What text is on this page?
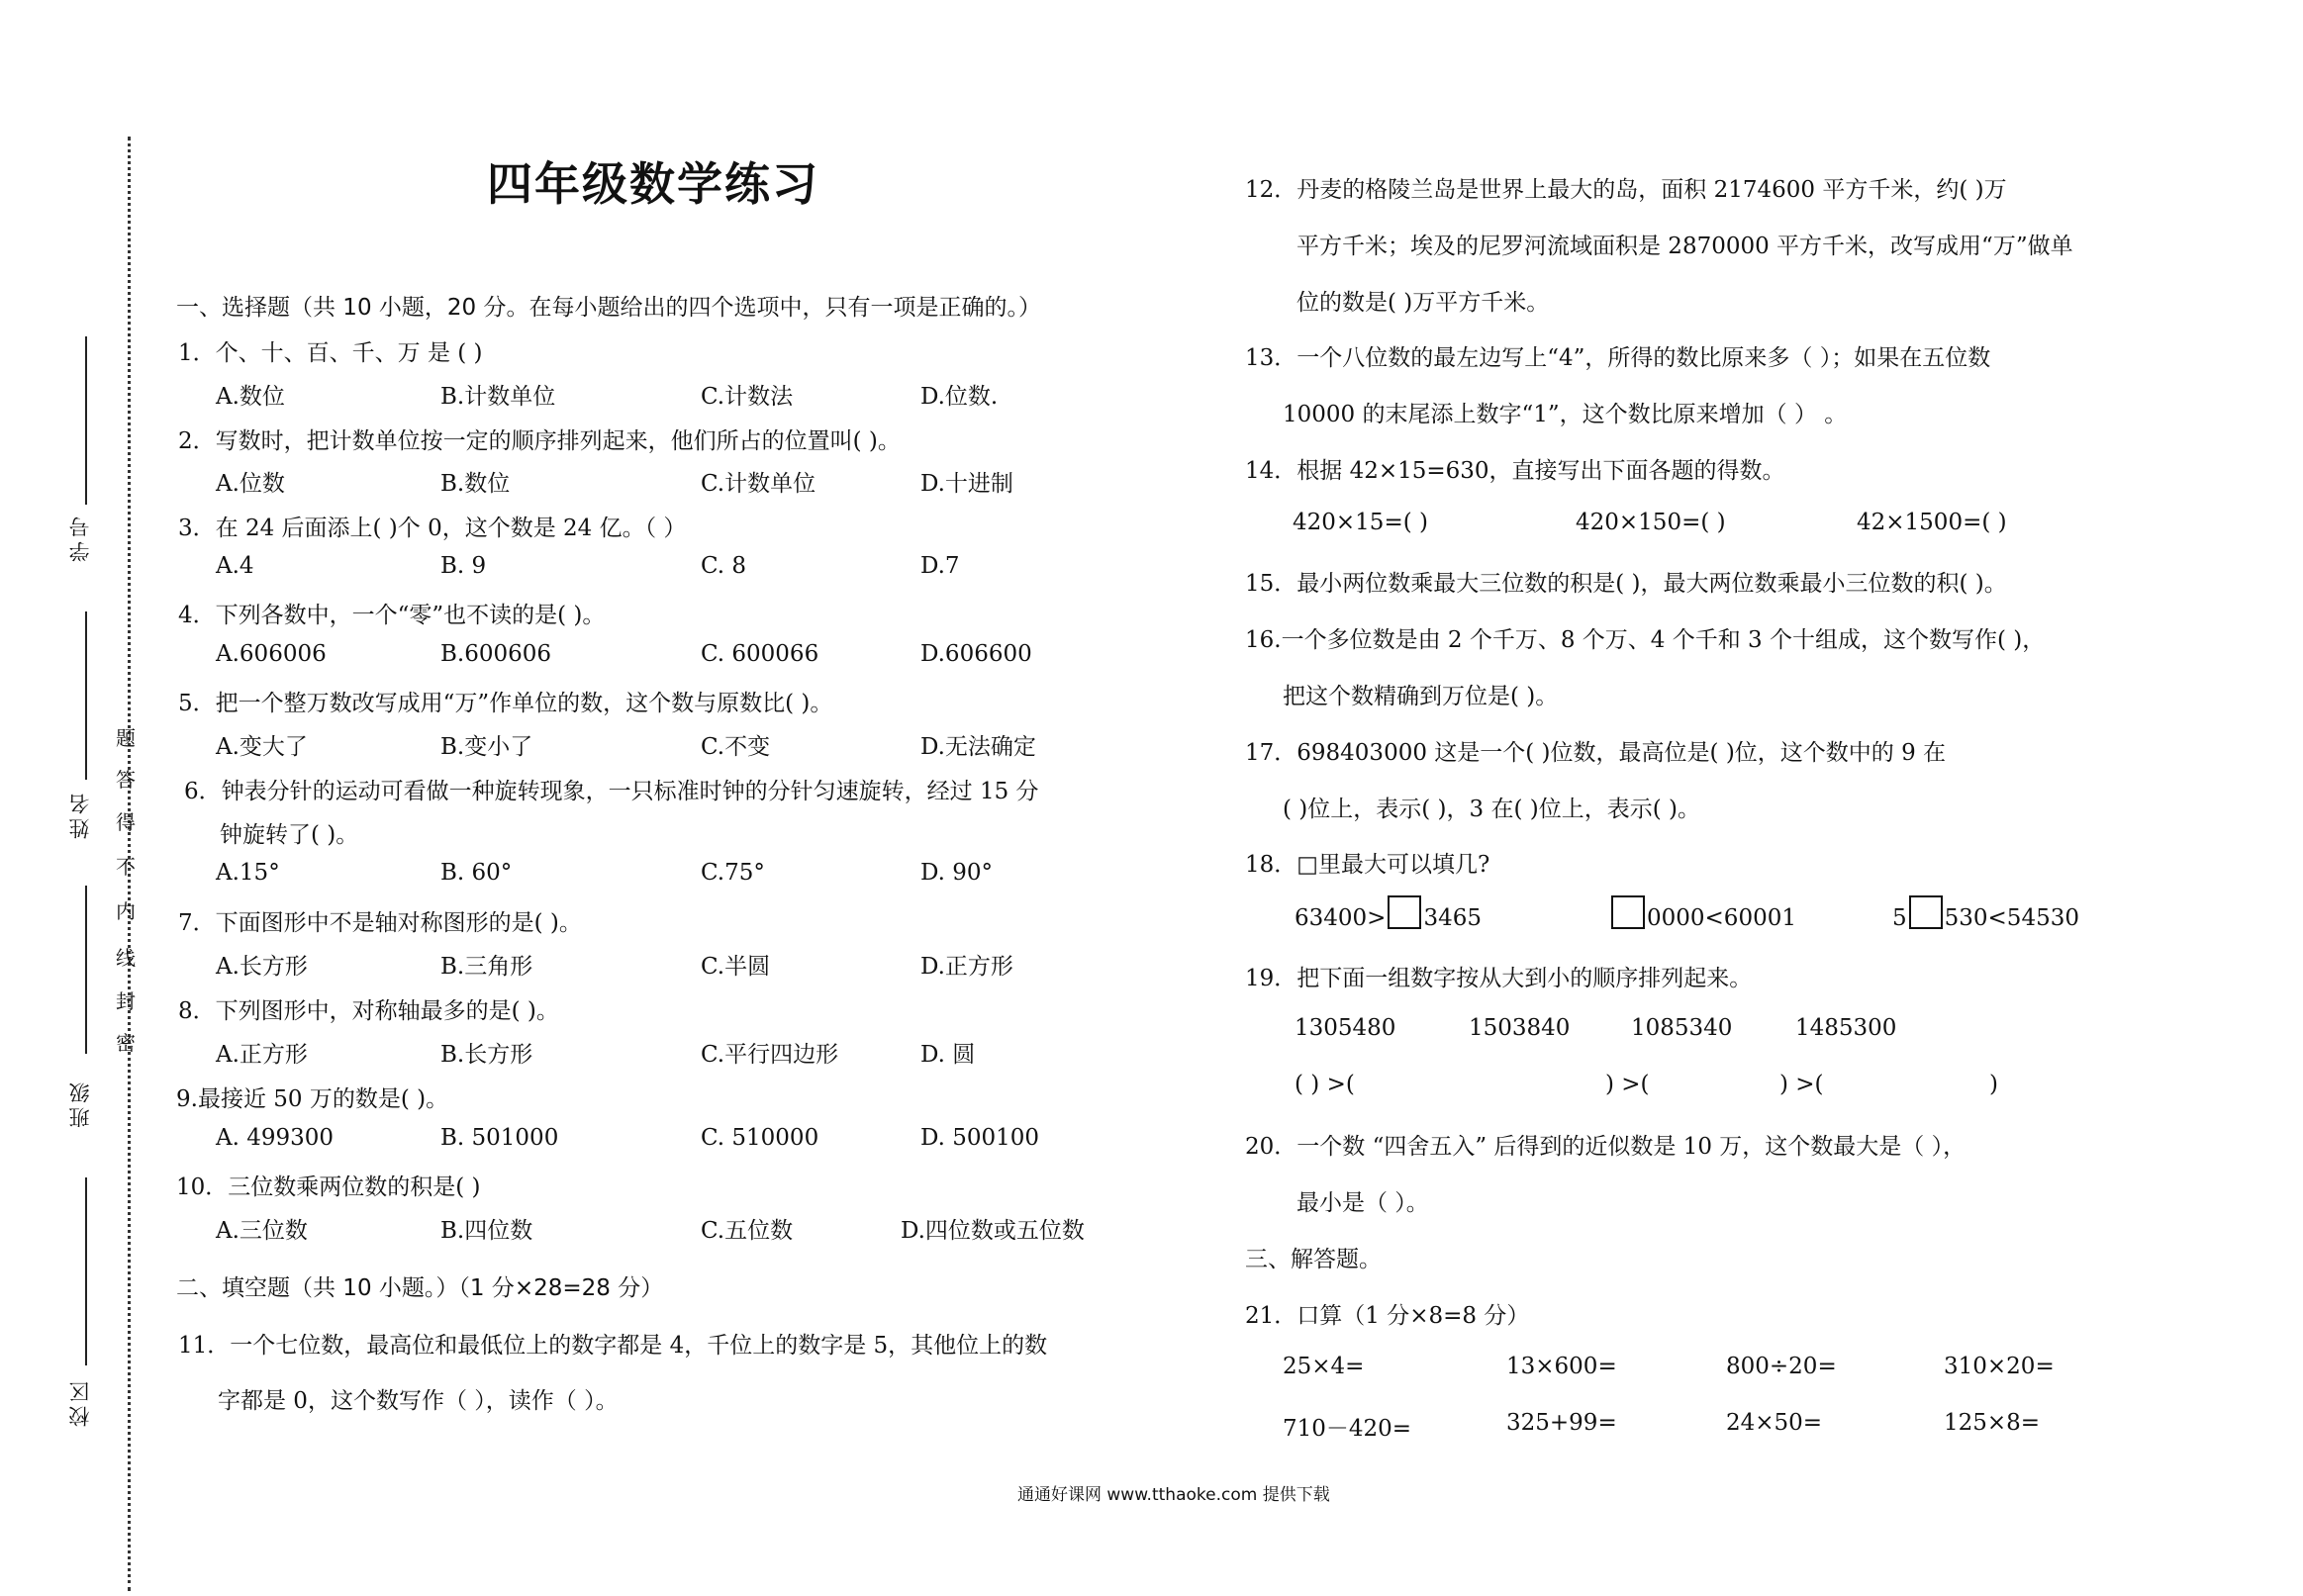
学号
姓名
班级
校区
题
答
得
不
内
线
封
密
四年级数学练习
一、选择题（共 10 小题，20 分。在每小题给出的四个选项中，只有一项是正确的。）
1．个、十、百、千、万 是 ( )
A.数位	B.计数单位	C.计数法	D.位数.
2．写数时，把计数单位按一定的顺序排列起来，他们所占的位置叫( )。
A.位数	B.数位	C.计数单位	D.十进制
3．在 24 后面添上( )个 0，这个数是 24 亿。（ ）
A.4	B. 9	C. 8	D.7
4．下列各数中，一个“零”也不读的是( )。
A.606006	B.600606	C. 600066	D.606600
5．把一个整万数改写成用“万”作单位的数，这个数与原数比( )。
A.变大了	B.变小了	C.不变	D.无法确定
6．钟表分针的运动可看做一种旋转现象，一只标准时钟的分针匀速旋转，经过 15 分
钟旋转了( )。
A.15°	B. 60°	C.75°	D. 90°
7．下面图形中不是轴对称图形的是( )。
A.长方形	B.三角形	C.半圆	D.正方形
8．下列图形中，对称轴最多的是( )。
A.正方形	B.长方形	C.平行四边形	D. 圆
9.最接近 50 万的数是( )。
A. 499300	B. 501000	C. 510000	D. 500100
10．三位数乘两位数的积是( )
A.三位数	B.四位数	C.五位数	D.四位数或五位数
二、填空题（共 10 小题。）（1 分×28=28 分）
11．一个七位数，最高位和最低位上的数字都是 4，千位上的数字是 5，其他位上的数
字都是 0，这个数写作（ ），读作（ ）。
12．丹麦的格陵兰岛是世界上最大的岛，面积 2174600 平方千米，约( )万
平方千米；埃及的尼罗河流域面积是 2870000 平方千米，改写成用“万”做单
位的数是( )万平方千米。
13．一个八位数的最左边写上“4”，所得的数比原来多（ ）；如果在五位数
10000 的末尾添上数字“1”，这个数比原来增加（ ） 。
14．根据 42×15=630，直接写出下面各题的得数。
420×15=( )	420×150=( )	42×1500=( )
15．最小两位数乘最大三位数的积是( )，最大两位数乘最小三位数的积( )。
16.一个多位数是由 2 个千万、8 个万、4 个千和 3 个十组成，这个数写作( )，
把这个数精确到万位是( )。
17．698403000 这是一个( )位数，最高位是( )位，这个数中的 9 在
( )位上，表示( )，3 在( )位上，表示( )。
18．□里最大可以填几?
63400> 3465	0000<60001	5 530<54530
19．把下面一组数字按从大到小的顺序排列起来。
1305480	1503840	1085340	1485300
( ) >(	) >(	) >(	)
20．一个数 “四舍五入” 后得到的近似数是 10 万，这个数最大是（ ），
最小是（ ）。
三、解答题。
21．口算（1 分×8=8 分）
25×4=	13×600=	800÷20=	310×20=
710－420=	325+99=	24×50=	125×8=
通通好课网 www.tthaoke.com 提供下载
